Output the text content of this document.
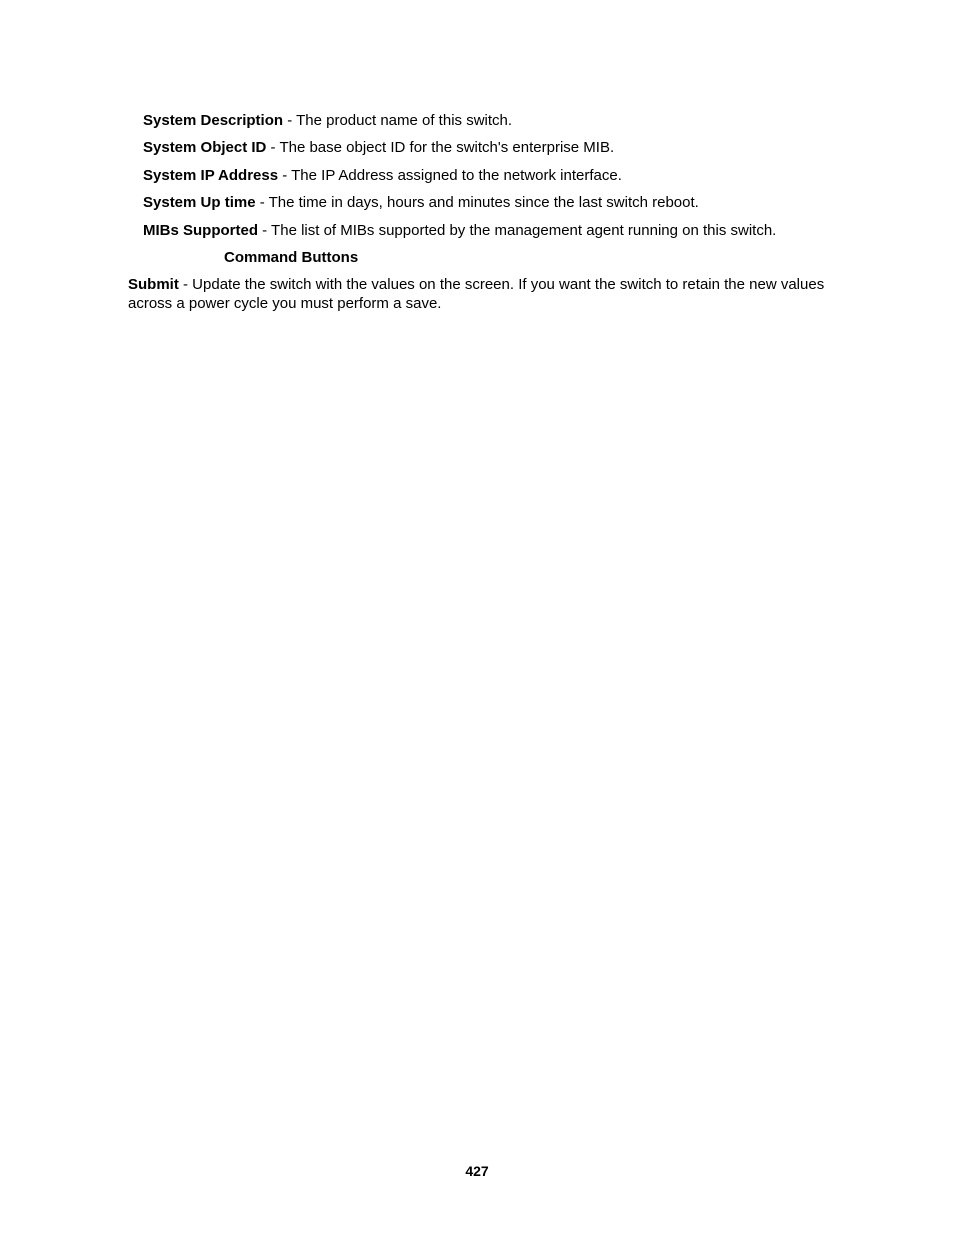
System Description - The product name of this switch.
System Object ID - The base object ID for the switch's enterprise MIB.
System IP Address - The IP Address assigned to the network interface.
System Up time - The time in days, hours and minutes since the last switch reboot.
MIBs Supported - The list of MIBs supported by the management agent running on this switch.
Command Buttons
Submit - Update the switch with the values on the screen. If you want the switch to retain the new values across a power cycle you must perform a save.
427
